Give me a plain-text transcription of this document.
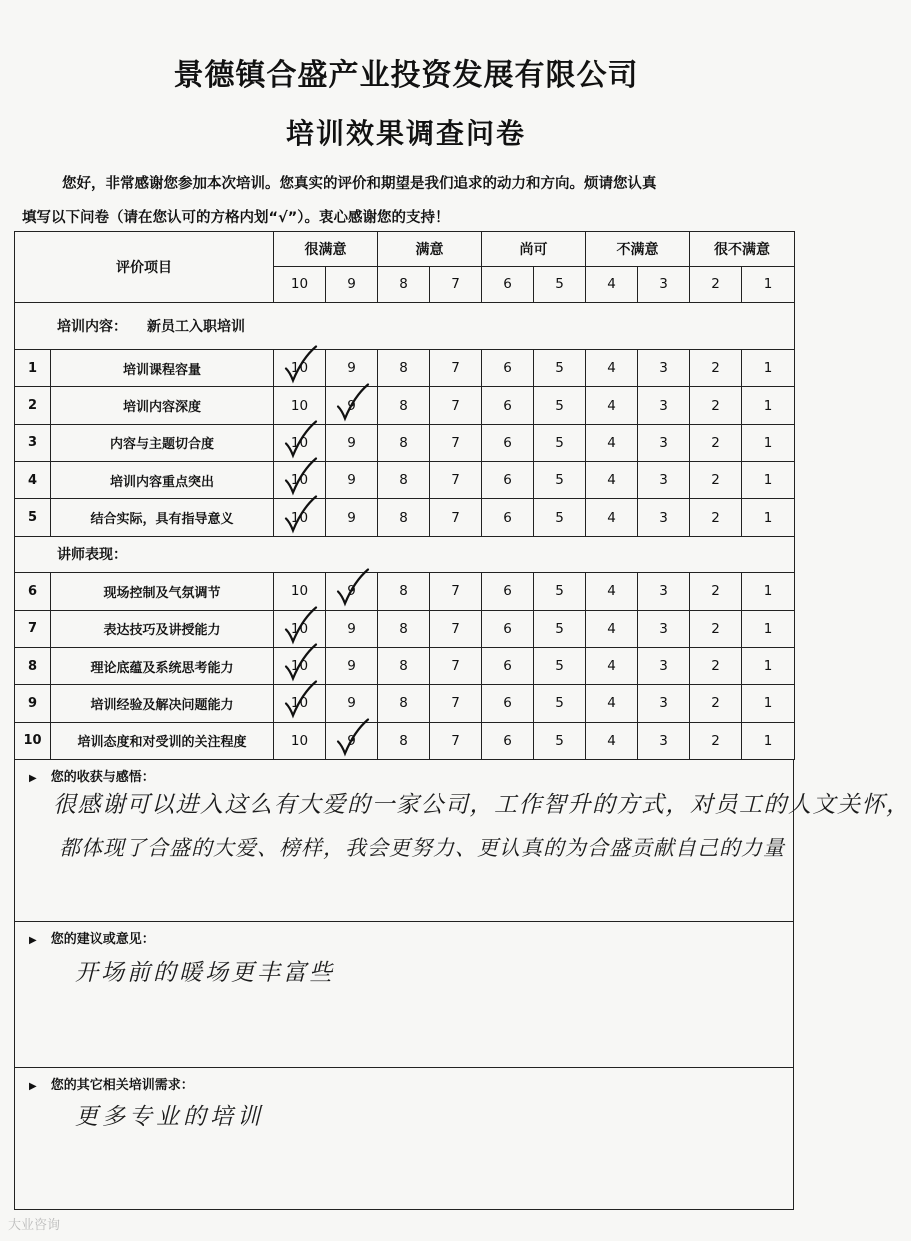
景德镇合盛产业投资发展有限公司
培训效果调查问卷
您好，非常感谢您参加本次培训。您真实的评价和期望是我们追求的动力和方向。烦请您认真
填写以下问卷（请在您认可的方格内划“√”）。衷心感谢您的支持！
评价项目		很满意		满意		尚可		不满意		很不满意	
		10	9	8	7	6	5	4	3	2	1
培训内容： 新员工入职培训											
1	培训课程容量	10	9	8	7	6	5	4	3	2	1
2	培训内容深度	10	9	8	7	6	5	4	3	2	1
3	内容与主题切合度	10	9	8	7	6	5	4	3	2	1
4	培训内容重点突出	10	9	8	7	6	5	4	3	2	1
5	结合实际，具有指导意义	10	9	8	7	6	5	4	3	2	1
讲师表现：											
6	现场控制及气氛调节	10	9	8	7	6	5	4	3	2	1
7	表达技巧及讲授能力	10	9	8	7	6	5	4	3	2	1
8	理论底蕴及系统思考能力	10	9	8	7	6	5	4	3	2	1
9	培训经验及解决问题能力	10	9	8	7	6	5	4	3	2	1
10	培训态度和对受训的关注程度	10	9	8	7	6	5	4	3	2	1
▶ 您的收获与感悟：
很感谢可以进入这么有大爱的一家公司，工作智升的方式，对员工的人文关怀，
都体现了合盛的大爱、榜样，我会更努力、更认真的为合盛贡献自己的力量
▶ 您的建议或意见：
开场前的暖场更丰富些
▶ 您的其它相关培训需求：
更多专业的培训
大业咨询
